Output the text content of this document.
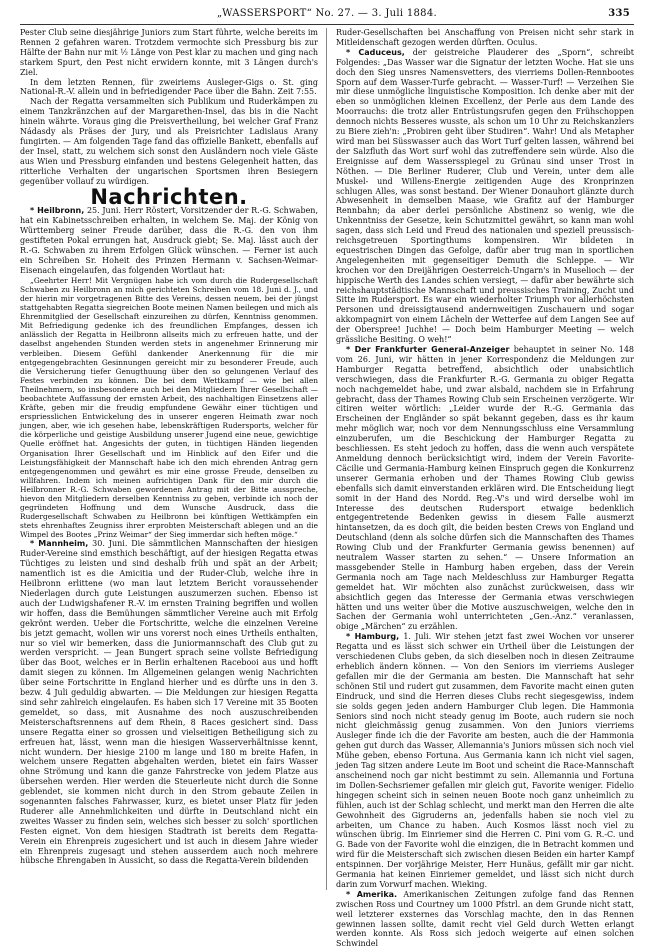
„WASSERSPORT“ No. 27. — 3. Juli 1884.	335

Pester Club seine diesjährige Juniors zum Start führte, welche bereits im Rennen 2 gefahren waren. Trotzdem vermochte sich Pressburg bis zur Hälfte der Bahn nur mit ½ Länge von Pest klar zu machen und ging nach starkem Spurt, den Pest nicht erwidern konnte, mit 3 Längen durch's Ziel.

In dem letzten Rennen, für zweiriems Ausleger-Gigs o. St. ging National-R.-V. allein und in befriedigender Pace über die Bahn. Zeit 7:55.

Nach der Regatta versammelten sich Publikum und Ruderkämpen zu einem Tanzkränzchen auf der Margarethen-Insel, das bis in die Nacht hinein währte. Voraus ging die Preisvertheilung, bei welcher Graf Franz Nádasdy als Präses der Jury, und als Preisrichter Ladislaus Arany fungirten. — Am folgenden Tage fand das offizielle Bankett, ebenfalls auf der Insel, statt, zu welchem sich sonst den Ausländern noch viele Gäste aus Wien und Pressburg einfanden und bestens Gelegenheit hatten, das ritterliche Verhalten der ungarischen Sportsmen ihren Besiegern gegenüber vollauf zu würdigen.

Nachrichten.

* Heilbronn, 25. Juni. Herr Röstert, Vorsitzender der R.-G. Schwaben, hat ein Kabinetsschreiben erhalten, in welchem Se. Maj. der König von Württemberg seiner Freude darüber, dass die R.-G. den von ihm gestifteten Pokal errungen hat, Ausdruck giebt; Se. Maj. lässt auch der R.-G. Schwaben zu ihrem Erfolgen Glück wünschen. — Ferner ist auch ein Schreiben Sr. Hoheit des Prinzen Hermann v. Sachsen-Weimar-Eisenach eingelaufen, das folgenden Wortlaut hat:

„Geehrter Herr! Mit Vergnügen habe ich vom durch die Rudergesellschaft Schwaben zu Heilbronn an mich gerichteten Schreiben vom 18. Juni d. J., und der hierin mir vorgetragenen Bitte des Vereins, dessen neuem, bei der jüngst stattgehabten Regatta siegreichen Boote meinen Namen beilegen und mich als Ehrenmitglied der Gesellschaft einzureihen zu dürfen, Kenntniss genommen. Mit Befriedigung gedenke ich des freundlichen Empfanges, dessen ich anlässlich der Regatta in Heilbronn allseits mich zu erfreuen hatte, und der daselbst angehenden Stunden werden stets in angenehmer Erinnerung mir verbleiben. Diesem Gefühl dankender Anerkennung für die mir entgegengebrachten Gesinnungen gereicht mir zu besonderer Freude, auch die Versicherung tiefer Genugthuung über den so gelungenen Verlauf des Festes verbinden zu können. Die bei dem Wettkampf — wie bei allen Theilnehmern, so insbesondere auch bei den Mitgliedern Ihrer Gesellschaft — beobachtete Auffassung der ernsten Arbeit, des nachhaltigen Einsetzens aller Kräfte, geben mir die freudig empfundene Gewähr einer tüchtigen und erspriesslichen Entwickelung des in unserer engeren Heimath zwar noch jungen, aber, wie ich gesehen habe, lebenskräftigen Rudersports, welcher für die körperliche und geistige Ausbildung unserer Jugend eine neue, gewichtige Quelle eröffnet hat. Angesichts der guten, in tüchtigen Händen liegenden Organisation Ihrer Gesellschaft und im Hinblick auf den Eifer und die Leistungsfähigkeit der Mannschaft habe ich den mich ehrenden Antrag gern entgegengenommen und gewährt es mir eine grosse Freude, denselben zu willfahren. Indem ich meinen aufrichtigen Dank für den mir durch die Heilbronner R.-G. Schwaben gewordenen Antrag mit der Bitte ausspreche, hievon den Mitgliedern derselben Kenntniss zu geben, verbinde ich noch der gegründeten Hoffnung und dem Wunsche Ausdruck, dass die Rudergesellschaft Schwaben zu Heilbronn bei künftigen Wettkämpfen ein stets ehrenhaftes Zeugniss ihrer erprobten Meisterschaft ablegen und an die Wimpel des Bootes „Prinz Weimar“ der Sieg immerdar sich heften möge.“

* Mannheim, 30. Juni. Die sämmtlichen Mannschaften der hiesigen Ruder-Vereine sind emsthich beschäftigt, auf der hiesigen Regatta etwas Tüchtiges zu leisten und sind deshalb früh und spät an der Arbeit; namentlich ist es die Amicitia und der Ruder-Club, welche ihre in Heilbronn erlittene (wo man laut letztem Bericht voraussehender Niederlagen durch gute Leistungen auszumerzen suchen. Ebenso ist auch der Ludwigshafener R.-V. im ernsten Training begriffen und wollen wir hoffen, dass die Bemühungen sämmtlicher Vereine auch mit Erfolg gekrönt werden. Ueber die Fortschritte, welche die einzelnen Vereine bis jetzt gemacht, wollen wir uns vorerst noch eines Urtheils enthalten, nur so viel wir bemerken, dass die Juniormannschaft des Club gut zu werden verspricht. — Jean Bungert sprach seine vollste Befriedigung über das Boot, welches er in Berlin erhaltenen Racebooi aus und hofft damit siegen zu können. Im Allgemeinen gelangen wenig Nachrichten über seine Fortschritte in England hierher und es dürfte uns in den 3. bezw. 4 Juli geduldig abwarten. — Die Meldungen zur hiesigen Regatta sind sehr zahlreich eingelaufen. Es haben sich 17 Vereine mit 35 Booten gemeldet, so dass, mit Ausnahme des noch auszuschreibenden Meisterschaftsrennens auf dem Rhein, 8 Races gesichert sind. Dass unsere Regatta einer so grossen und vielseitigen Betheiligung sich zu erfreuen hat, lässt, wenn man die hiesigen Wasserverhältnisse kennt, nicht wundern. Der hiesige 2100 m lange und 180 m breite Hafen, in welchem unsere Regatten abgehalten werden, bietet ein fairs Wasser ohne Strömung und kann die ganze Fahrstrecke von jedem Platze aus übersehen werden. Hier werden die Steuerleute nicht durch die Sonne geblendet, sie kommen nicht durch in den Strom gebaute Zeilen in sogenannten falsches Fahrwasser, kurz, es bietet unser Platz für jeden Ruderer alle Annehmlichkeiten und dürfte in Deutschland nicht ein zweites Wasser zu finden sein, welches sich besser zu solch' sportlichen Festen eignet. Von dem hiesigen Stadtrath ist bereits dem Regatta-Verein ein Ehrenpreis zugesichert und ist auch in diesem Jahre wieder ein Ehrenpreis zugesagt und stehen ausserdem auch noch mehrere hübsche Ehrengaben in Aussicht, so dass die Regatta-Verein bildenden

Ruder-Gesellschaften bei Anschaffung von Preisen nicht sehr stark in Mitleidenschaft gezogen werden dürften. Oculus.

* Caduceus, der geistreiche Plauderer des „Sporn“, schreibt Folgendes: „Das Wasser war die Signatur der letzten Woche. Hat sie uns doch den Sieg unsres Namensvetters, des vierriems Dollen-Rennbootes Sporn auf dem Wasser-Turfe gebracht. — Wasser-Turf! — Verzeihen Sie mir diese unmögliche linguistische Komposition. Ich denke aber mit der eben so unmöglichen kleinen Excellenz, der Perle aus dem Lande des Moorrauchs: die trotz aller Entrüstungsrufen gegen den Frühschoppen dennoch nichts Besseres wusste, als schon um 10 Uhr zu Reichskanzlers zu Biere zieh'n: „Probiren geht über Studiren“. Wahr! Und als Metapher wird man bei Süsswasser auch das Wort Turf gelten lassen, während bei der Salzfluth das Wort surf wohl das zutreffendere sein würde. Also die Ereignisse auf dem Wassersspiegel zu Grünau sind unser Trost in Nöthen. — Die Berliner Ruderer, Club und Verein, unter dem alle Muskel- und Willens-Energie zeitigenden Auge des Kronprinzen schlugen Alles, was sonst bestand. Der Wiener Donauhort glänzte durch Abwesenheit in demselben Maase, wie Grafitz auf der Hamburger Rennbahn; da aber derlei persönliche Abstinenz so wenig, wie die Unkenntniss der Gesetze, kein Schutzmittel gewährt, so kann man wohl sagen, dass sich Leid und Freud des nationalen und speziell preussisch-reichsgetreuen Sportingthums kompensiren. Wir bildeten in equestrischen Dingen das Gefolge, dafür aber trug man in sportlichen Angelegenheiten mit gegenseitiger Demuth die Schleppe. — Wir krochen vor den Dreijährigen Oesterreich-Ungarn's in Muselioch — der hippische Werth des Landes schien versiegt, — dafür aber bewährte sich reichshauptstädtische Mannschaft und preussisches Training, Zucht und Sitte im Rudersport. Es war ein wiederholter Triumph vor allerhöchsten Personen und dreissigtausend andernweitigen Zuschauern und sogar akkompagnirt von einem Lächeln der Wetterfee auf dem Langen See auf der Oberspree! Juchhe! — Doch beim Hamburger Meeting — welch grässliche Besiting. O weh!“

* Der Frankfurter General-Anzeiger behauptet in seiner No. 148 vom 26. Juni, wir hätten in jener Korrespondenz die Meldungen zur Hamburger Regatta betreffend, absichtlich oder unabsichtlich verschwiegen, dass die Frankfurter R.-G. Germania zu obiger Regatta noch nachgemeldet habe, und zwar alsbald, nachdem sie in Erfahrung gebracht, dass der Thames Rowing Club sein Erscheinen verzögerte. Wir citiren weiter wörtlich: „Leider wurde der R.-G. Germania das Erscheinen der Engländer so spät bekannt gegeben, dass es ihr kaum mehr möglich war, noch vor dem Nennungsschluss eine Versammlung einzuberufen, um die Beschickung der Hamburger Regatta zu beschliessen. Es steht jedoch zu hoffen, dass die wenn auch verspätete Anmeldung dennoch berücksichtigt wird, indem der Verein Favorite-Cäcilie und Germania-Hamburg keinen Einspruch gegen die Konkurrenz unserer Germania erhoben und der Thames Rowing Club gewiss ebenfalls sich damit einverstanden erklären wird. Die Entscheidung liegt somit in der Hand des Nordd. Reg.-V's und wird derselbe wohl im Interesse des deutschen Rudersport etwaige bedenklich entgegentretende Bedenken gewiss in diesem Falle ausmerzt hintansetzen, da es doch gilt, die beiden besten Crews von England und Deutschland (denn als solche dürfen sich die Mannschaften des Thames Rowing Club und der Frankfurter Germania gewiss benennen) auf neutralem Wasser starten zu sehen.“ — Unsere Information an massgebender Stelle in Hamburg haben ergeben, dass der Verein Germania noch am Tage nach Meldeschluss zur Hamburger Regatta gemeldet hat. Wir möchten also zunächst zurückweisen, dass wir absichtlich gegen das Interesse der Germania etwas verschwiegen hätten und uns weiter über die Motive auszuschweigen, welche den in Sachen der Germania wohl unterrichteten „Gen.-Anz.“ veranlassen, obige „Märchen“ zu erzählen.

* Hamburg, 1. Juli. Wir stehen jetzt fast zwei Wochen vor unserer Regatta und es lässt sich schwer ein Urtheil über die Leistungen der verschiedenen Clubs geben, da sich dieselben noch in diesen Zeitraume erheblich ändern können. — Von den Seniors im vierriems Ausleger gefallen mir die der Germania am besten. Die Mannschaft hat sehr schönen Stil und rudert gut zusammen, dem Favorite macht einen guten Eindruck, und sind die Herren dieses Clubs recht siegesgewiss, indem sie solds gegen jeden andern Hamburger Club legen. Die Hammonia Seniors sind noch nicht steady genug im Boote, auch rudern sie noch nicht gleichmässig genug zusammen. Von den Juniors vierriems Ausleger finde ich die der Favorite am besten, auch die der Hammonia gehen gut durch das Wasser, Allemannia's Juniors müssen sich noch viel Mühe geben, ebenso Fortuna. Aus Germania kann ich nicht viel sagen, jeden Tag sitzen andere Leute im Boot und scheint die Race-Mannschaft anscheinend noch gar nicht bestimmt zu sein. Allemannia und Fortuna im Dollen-Sechsriemer gefallen mir gleich gut, Favorite weniger. Fidelio hingegen scheint sich in seinen neuen Boote noch ganz unheimlich zu fühlen, auch ist der Schlag schlecht, und merkt man den Herren die alte Gewohnheit des Gigruderns an, jedenfalls haben sie noch viel zu arbeiten, um Chance zu haben. Auch Kosmos lässt noch viel zu wünschen übrig. Im Einriemer sind die Herren C. Pini vom G. R.-C. und G. Bade von der Favorite wohl die einzigen, die in Betracht kommen und wird für die Meisterschaft sich zwischen diesen Beiden ein harter Kampf entspinnen. Der vorjährige Meister, Herr Hunäus, gefällt mir gar nicht. Germania hat keinen Einriemer gemeldet, und lässt sich nicht durch darin zum Vorwurf machen. Wieking.

* Amerika. Amerikanischen Zeitungen zufolge fand das Rennen zwischen Ross und Courtney um 1000 Pfstrl. an dem Grunde nicht statt, weil letzterer exsternes das Vorschlag machte, den in das Rennen gewinnen lassen sollte, damit recht viel Geld durch Wetten erlangt werden konnte. Als Ross sich jedoch weigerte auf einen solchen Schwindel
